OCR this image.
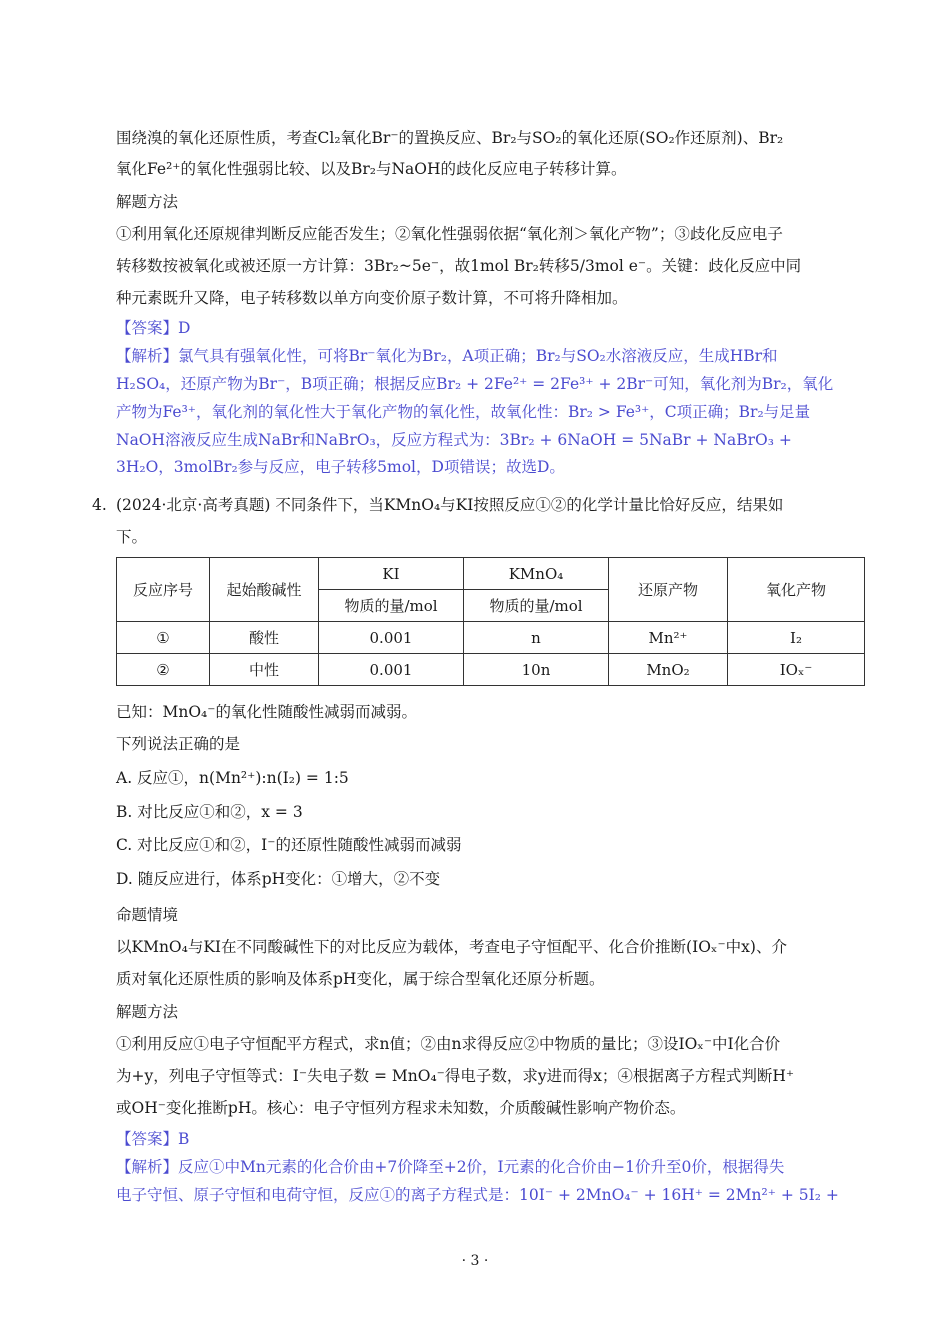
围绕溴的氧化还原性质，考查Cl₂氧化Br⁻的置换反应、Br₂与SO₂的氧化还原(SO₂作还原剂)、Br₂
氧化Fe²⁺的氧化性强弱比较、以及Br₂与NaOH的歧化反应电子转移计算。
解题方法
①利用氧化还原规律判断反应能否发生；②氧化性强弱依据“氧化剂＞氧化产物”；③歧化反应电子
转移数按被氧化或被还原一方计算：3Br₂~5e⁻，故1mol Br₂转移5/3mol e⁻。关键：歧化反应中同
种元素既升又降，电子转移数以单方向变价原子数计算，不可将升降相加。
【答案】D
【解析】氯气具有强氧化性，可将Br⁻氧化为Br₂，A项正确；Br₂与SO₂水溶液反应，生成HBr和
H₂SO₄，还原产物为Br⁻，B项正确；根据反应Br₂ + 2Fe²⁺ = 2Fe³⁺ + 2Br⁻可知，氧化剂为Br₂，氧化
产物为Fe³⁺，氧化剂的氧化性大于氧化产物的氧化性，故氧化性：Br₂ > Fe³⁺，C项正确；Br₂与足量
NaOH溶液反应生成NaBr和NaBrO₃，反应方程式为：3Br₂ + 6NaOH = 5NaBr + NaBrO₃ +
3H₂O，3molBr₂参与反应，电子转移5mol，D项错误；故选D。
4. (2024·北京·高考真题) 不同条件下，当KMnO₄与KI按照反应①②的化学计量比恰好反应，结果如
下。
反应序号	起始酸碱性	KI	KMnO₄	还原产物	氧化产物
		物质的量/mol	物质的量/mol		
①	酸性	0.001	n	Mn²⁺	I₂
②	中性	0.001	10n	MnO₂	IOₓ⁻
已知：MnO₄⁻的氧化性随酸性减弱而减弱。
下列说法正确的是
A. 反应①，n(Mn²⁺):n(I₂) = 1:5
B. 对比反应①和②，x = 3
C. 对比反应①和②，I⁻的还原性随酸性减弱而减弱
D. 随反应进行，体系pH变化：①增大，②不变
命题情境
以KMnO₄与KI在不同酸碱性下的对比反应为载体，考查电子守恒配平、化合价推断(IOₓ⁻中x)、介
质对氧化还原性质的影响及体系pH变化，属于综合型氧化还原分析题。
解题方法
①利用反应①电子守恒配平方程式，求n值；②由n求得反应②中物质的量比；③设IOₓ⁻中I化合价
为+y，列电子守恒等式：I⁻失电子数 = MnO₄⁻得电子数，求y进而得x；④根据离子方程式判断H⁺
或OH⁻变化推断pH。核心：电子守恒列方程求未知数，介质酸碱性影响产物价态。
【答案】B
【解析】反应①中Mn元素的化合价由+7价降至+2价，I元素的化合价由−1价升至0价，根据得失
电子守恒、原子守恒和电荷守恒，反应①的离子方程式是：10I⁻ + 2MnO₄⁻ + 16H⁺ = 2Mn²⁺ + 5I₂ +
· 3 ·
